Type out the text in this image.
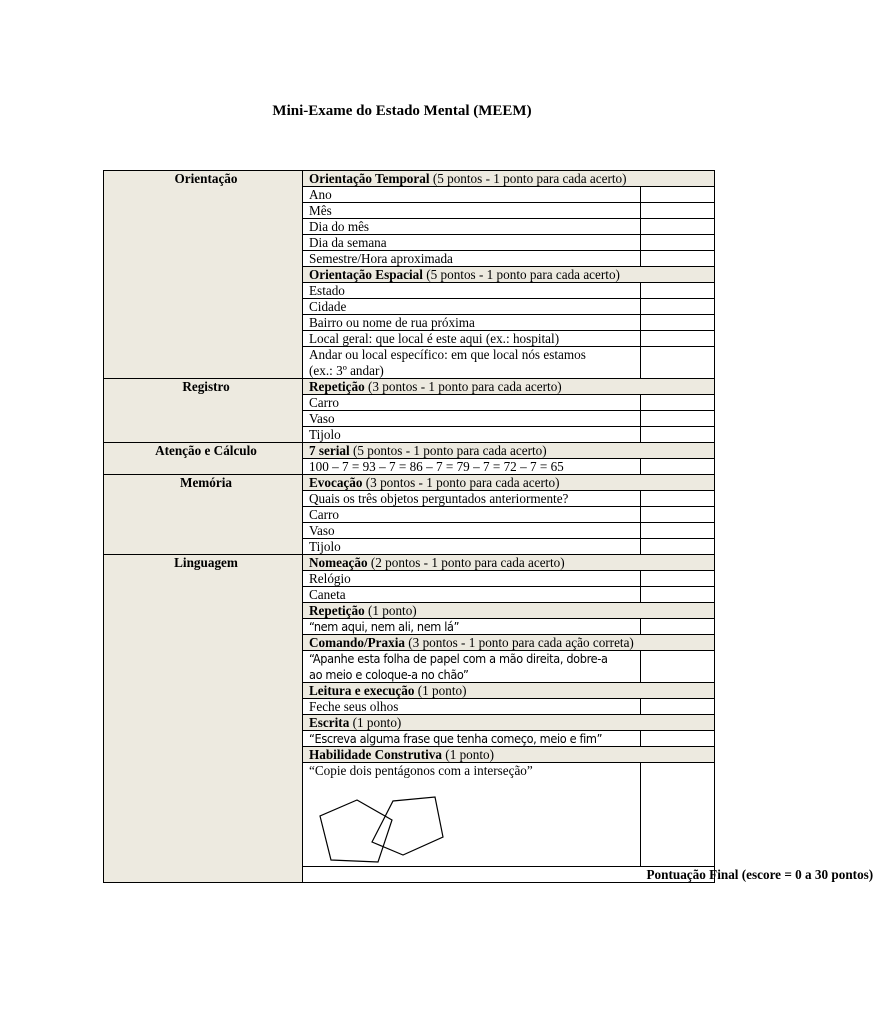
Mini-Exame do Estado Mental (MEEM)
Orientação	Orientação Temporal (5 pontos - 1 ponto para cada acerto)		
	Ano		
	Mês		
	Dia do mês		
	Dia da semana		
	Semestre/Hora aproximada		
	Orientação Espacial (5 pontos - 1 ponto para cada acerto)		
	Estado		
	Cidade		
	Bairro ou nome de rua próxima		
	Local geral: que local é este aqui (ex.: hospital)		
	Andar ou local específico: em que local nós estamos		
	(ex.: 3º andar)		
Registro	Repetição (3 pontos - 1 ponto para cada acerto)		
	Carro		
	Vaso		
	Tijolo		
Atenção e Cálculo	7 serial (5 pontos - 1 ponto para cada acerto)		
	100 – 7 = 93 – 7 = 86 – 7 = 79 – 7 = 72 – 7 = 65		
Memória	Evocação (3 pontos - 1 ponto para cada acerto)		
	Quais os três objetos perguntados anteriormente?		
	Carro		
	Vaso		
	Tijolo		
Linguagem	Nomeação (2 pontos - 1 ponto para cada acerto)		
	Relógio		
	Caneta		
	Repetição (1 ponto)		
	“nem aqui, nem ali, nem lá”		
	Comando/Praxia (3 pontos - 1 ponto para cada ação correta)		
	“Apanhe esta folha de papel com a mão direita, dobre-a		
	ao meio e coloque-a no chão”		
	Leitura e execução (1 ponto)		
	Feche seus olhos		
	Escrita (1 ponto)		
	“Escreva alguma frase que tenha começo, meio e fim”		
	Habilidade Construtiva (1 ponto)		

	“Copie dois pentágonos com a interseção”		

		Pontuação Final (escore = 0 a 30 pontos)	
